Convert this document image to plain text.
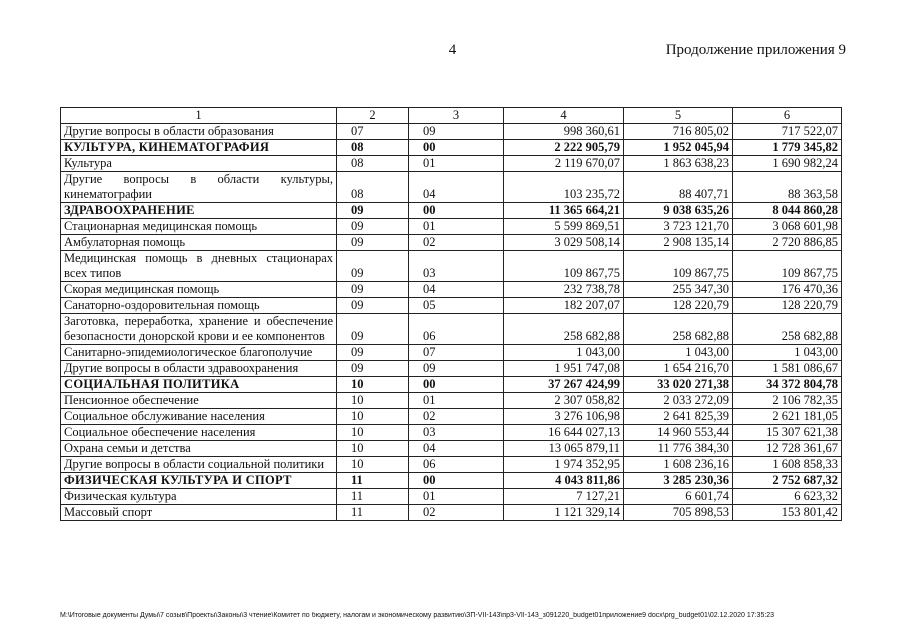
4	Продолжение приложения 9
1	2	3	4	5	6
Другие вопросы в области образования	07	09	998 360,61	716 805,02	717 522,07
КУЛЬТУРА, КИНЕМАТОГРАФИЯ	08	00	2 222 905,79	1 952 045,94	1 779 345,82
Культура	08	01	2 119 670,07	1 863 638,23	1 690 982,24
Другие вопросы в области культуры, кинематографии	08	04	103 235,72	88 407,71	88 363,58
ЗДРАВООХРАНЕНИЕ	09	00	11 365 664,21	9 038 635,26	8 044 860,28
Стационарная медицинская помощь	09	01	5 599 869,51	3 723 121,70	3 068 601,98
Амбулаторная помощь	09	02	3 029 508,14	2 908 135,14	2 720 886,85
Медицинская помощь в дневных стационарах всех типов	09	03	109 867,75	109 867,75	109 867,75
Скорая медицинская помощь	09	04	232 738,78	255 347,30	176 470,36
Санаторно-оздоровительная помощь	09	05	182 207,07	128 220,79	128 220,79
Заготовка, переработка, хранение и обеспечение безопасности донорской крови и ее компонентов	09	06	258 682,88	258 682,88	258 682,88
Санитарно-эпидемиологическое благополучие	09	07	1 043,00	1 043,00	1 043,00
Другие вопросы в области здравоохранения	09	09	1 951 747,08	1 654 216,70	1 581 086,67
СОЦИАЛЬНАЯ ПОЛИТИКА	10	00	37 267 424,99	33 020 271,38	34 372 804,78
Пенсионное обеспечение	10	01	2 307 058,82	2 033 272,09	2 106 782,35
Социальное обслуживание населения	10	02	3 276 106,98	2 641 825,39	2 621 181,05
Социальное обеспечение населения	10	03	16 644 027,13	14 960 553,44	15 307 621,38
Охрана семьи и детства	10	04	13 065 879,11	11 776 384,30	12 728 361,67
Другие вопросы в области социальной политики	10	06	1 974 352,95	1 608 236,16	1 608 858,33
ФИЗИЧЕСКАЯ КУЛЬТУРА И СПОРТ	11	00	4 043 811,86	3 285 230,36	2 752 687,32
Физическая культура	11	01	7 127,21	6 601,74	6 623,32
Массовый спорт	11	02	1 121 329,14	705 898,53	153 801,42
М:\Итоговые документы Думы\7 созыв\Проекты\Законы\3 чтение\Комитет по бюджету, налогам и экономическому развитию\ЗП-VII-143\пр3-VII-143_з091220_budget01приложение9 docx\prg_budget01\02.12.2020 17:35:23
